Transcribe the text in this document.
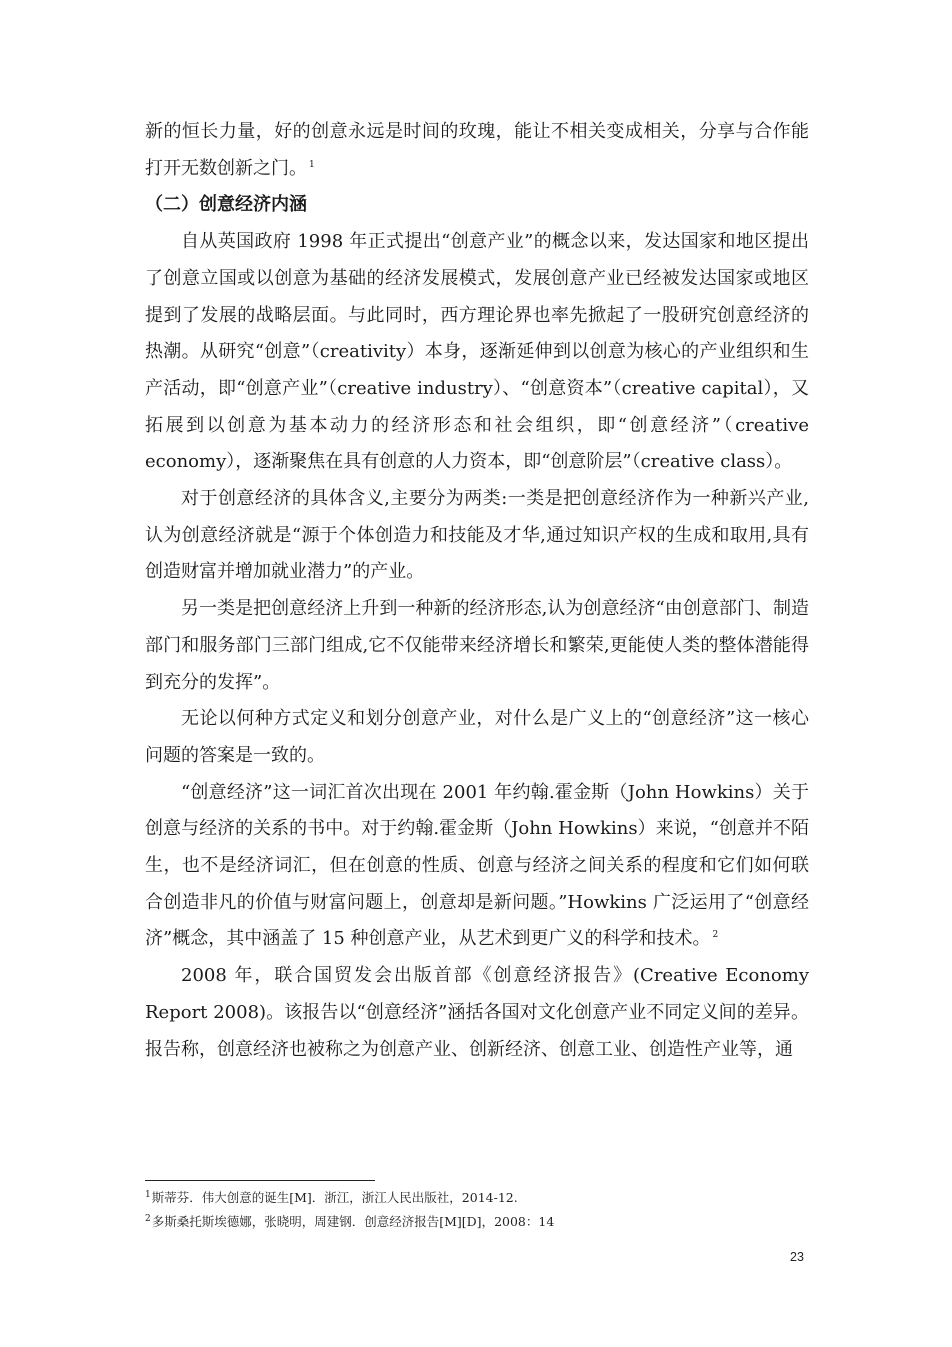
新的恒长力量，好的创意永远是时间的玫瑰，能让不相关变成相关，分享与合作能打开无数创新之门。 $^1$

（二）创意经济内涵

自从英国政府 1998 年正式提出“创意产业”的概念以来，发达国家和地区提出了创意立国或以创意为基础的经济发展模式，发展创意产业已经被发达国家或地区提到了发展的战略层面。与此同时，西方理论界也率先掀起了一股研究创意经济的热潮。从研究“创意”（creativity）本身，逐渐延伸到以创意为核心的产业组织和生产活动，即“创意产业”（creative industry）、“创意资本”（creative capital），又拓展到以创意为基本动力的经济形态和社会组织，即“创意经济”（creative economy），逐渐聚焦在具有创意的人力资本，即“创意阶层”（creative class）。

对于创意经济的具体含义,主要分为两类:一类是把创意经济作为一种新兴产业,认为创意经济就是“源于个体创造力和技能及才华,通过知识产权的生成和取用,具有创造财富并增加就业潜力”的产业。

另一类是把创意经济上升到一种新的经济形态,认为创意经济“由创意部门、制造部门和服务部门三部门组成,它不仅能带来经济增长和繁荣,更能使人类的整体潜能得到充分的发挥”。

无论以何种方式定义和划分创意产业，对什么是广义上的“创意经济”这一核心问题的答案是一致的。

“创意经济”这一词汇首次出现在 2001 年约翰.霍金斯（John Howkins）关于创意与经济的关系的书中。对于约翰.霍金斯（John Howkins）来说，“创意并不陌生，也不是经济词汇，但在创意的性质、创意与经济之间关系的程度和它们如何联合创造非凡的价值与财富问题上，创意却是新问题。”Howkins 广泛运用了“创意经济”概念，其中涵盖了 15 种创意产业，从艺术到更广义的科学和技术。 $^2$

2008 年，联合国贸发会出版首部《创意经济报告》(Creative Economy Report 2008)。该报告以“创意经济”涵括各国对文化创意产业不同定义间的差异。报告称，创意经济也被称之为创意产业、创新经济、创意工业、创造性产业等，通

$^1$斯蒂芬．伟大创意的诞生[M]．浙江，浙江人民出版社，2014-12.
$^2$多斯桑托斯埃德娜，张晓明，周建钢．创意经济报告[M][D]，2008：14
23
